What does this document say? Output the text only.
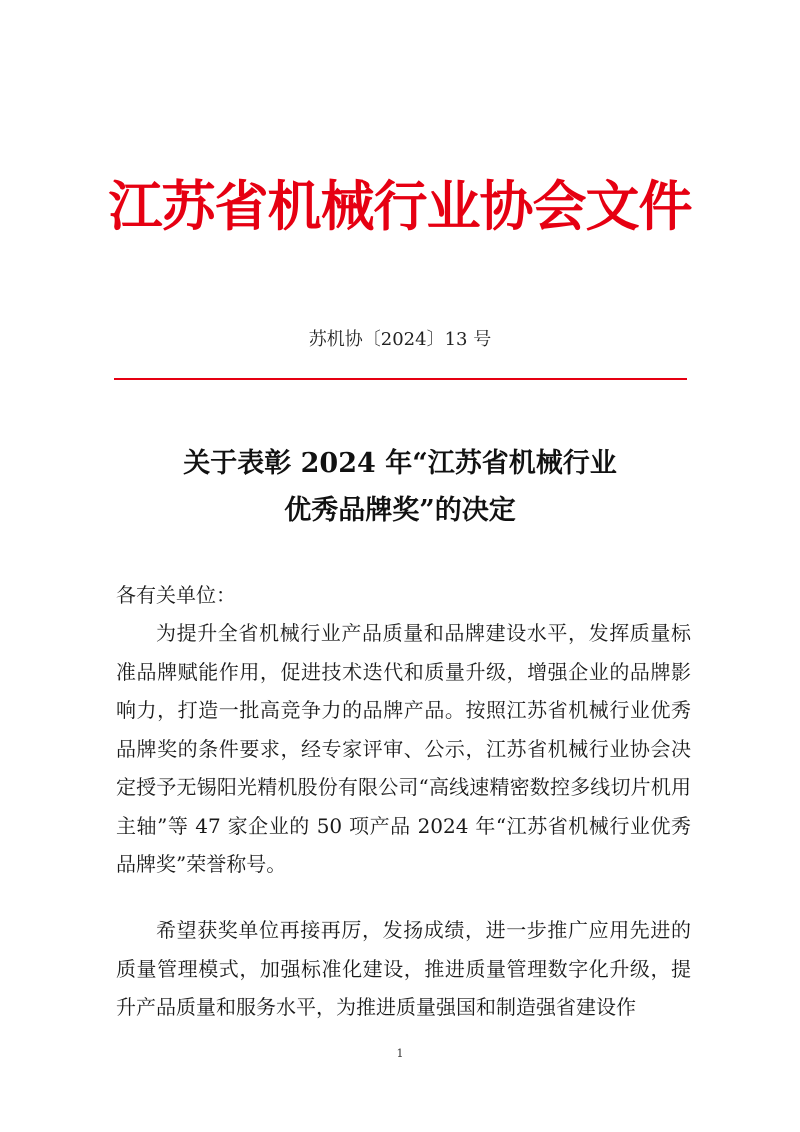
江苏省机械行业协会文件
苏机协〔2024〕13 号
关于表彰 2024 年“江苏省机械行业
优秀品牌奖”的决定
各有关单位：

为提升全省机械行业产品质量和品牌建设水平，发挥质量标准品牌赋能作用，促进技术迭代和质量升级，增强企业的品牌影响力，打造一批高竞争力的品牌产品。按照江苏省机械行业优秀品牌奖的条件要求，经专家评审、公示，江苏省机械行业协会决定授予无锡阳光精机股份有限公司“高线速精密数控多线切片机用主轴”等 47 家企业的 50 项产品 2024 年“江苏省机械行业优秀品牌奖”荣誉称号。

希望获奖单位再接再厉，发扬成绩，进一步推广应用先进的质量管理模式，加强标准化建设，推进质量管理数字化升级，提升产品质量和服务水平，为推进质量强国和制造强省建设作

1
